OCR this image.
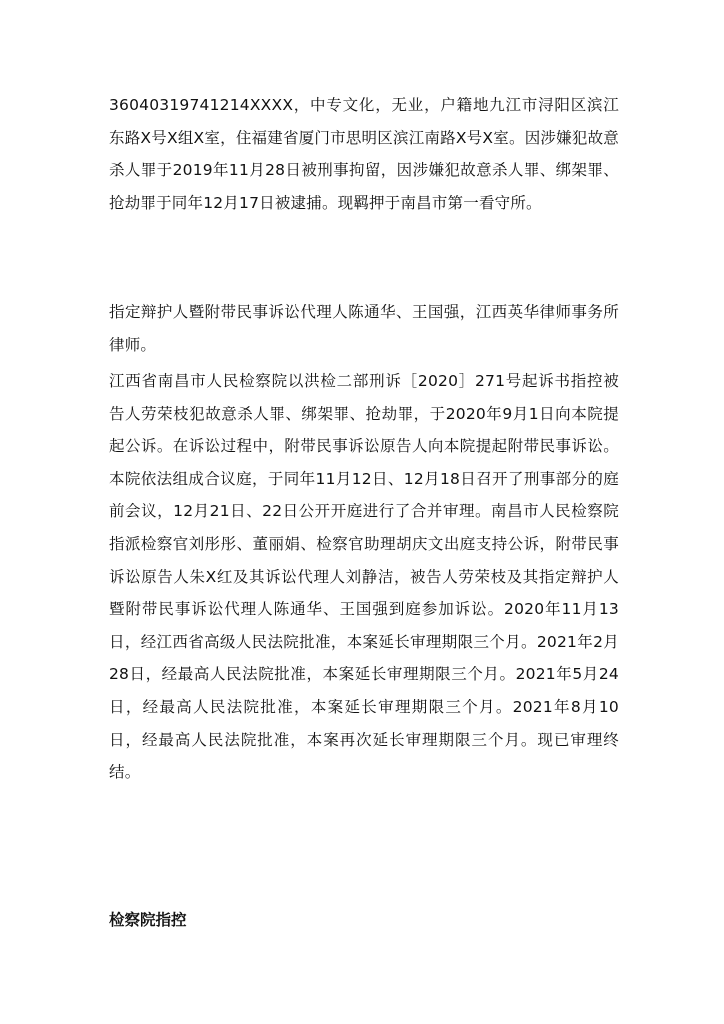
36040319741214XXXX，中专文化，无业，户籍地九江市浔阳区滨江东路X号X组X室，住福建省厦门市思明区滨江南路X号X室。因涉嫌犯故意杀人罪于2019年11月28日被刑事拘留，因涉嫌犯故意杀人罪、绑架罪、抢劫罪于同年12月17日被逮捕。现羁押于南昌市第一看守所。

指定辩护人暨附带民事诉讼代理人陈通华、王国强，江西英华律师事务所律师。

江西省南昌市人民检察院以洪检二部刑诉［2020］271号起诉书指控被告人劳荣枝犯故意杀人罪、绑架罪、抢劫罪，于2020年9月1日向本院提起公诉。在诉讼过程中，附带民事诉讼原告人向本院提起附带民事诉讼。本院依法组成合议庭，于同年11月12日、12月18日召开了刑事部分的庭前会议，12月21日、22日公开开庭进行了合并审理。南昌市人民检察院指派检察官刘彤彤、董丽娟、检察官助理胡庆文出庭支持公诉，附带民事诉讼原告人朱X红及其诉讼代理人刘静洁，被告人劳荣枝及其指定辩护人暨附带民事诉讼代理人陈通华、王国强到庭参加诉讼。2020年11月13日，经江西省高级人民法院批准，本案延长审理期限三个月。2021年2月28日，经最高人民法院批准，本案延长审理期限三个月。2021年5月24日，经最高人民法院批准，本案延长审理期限三个月。2021年8月10日，经最高人民法院批准，本案再次延长审理期限三个月。现已审理终结。

检察院指控
